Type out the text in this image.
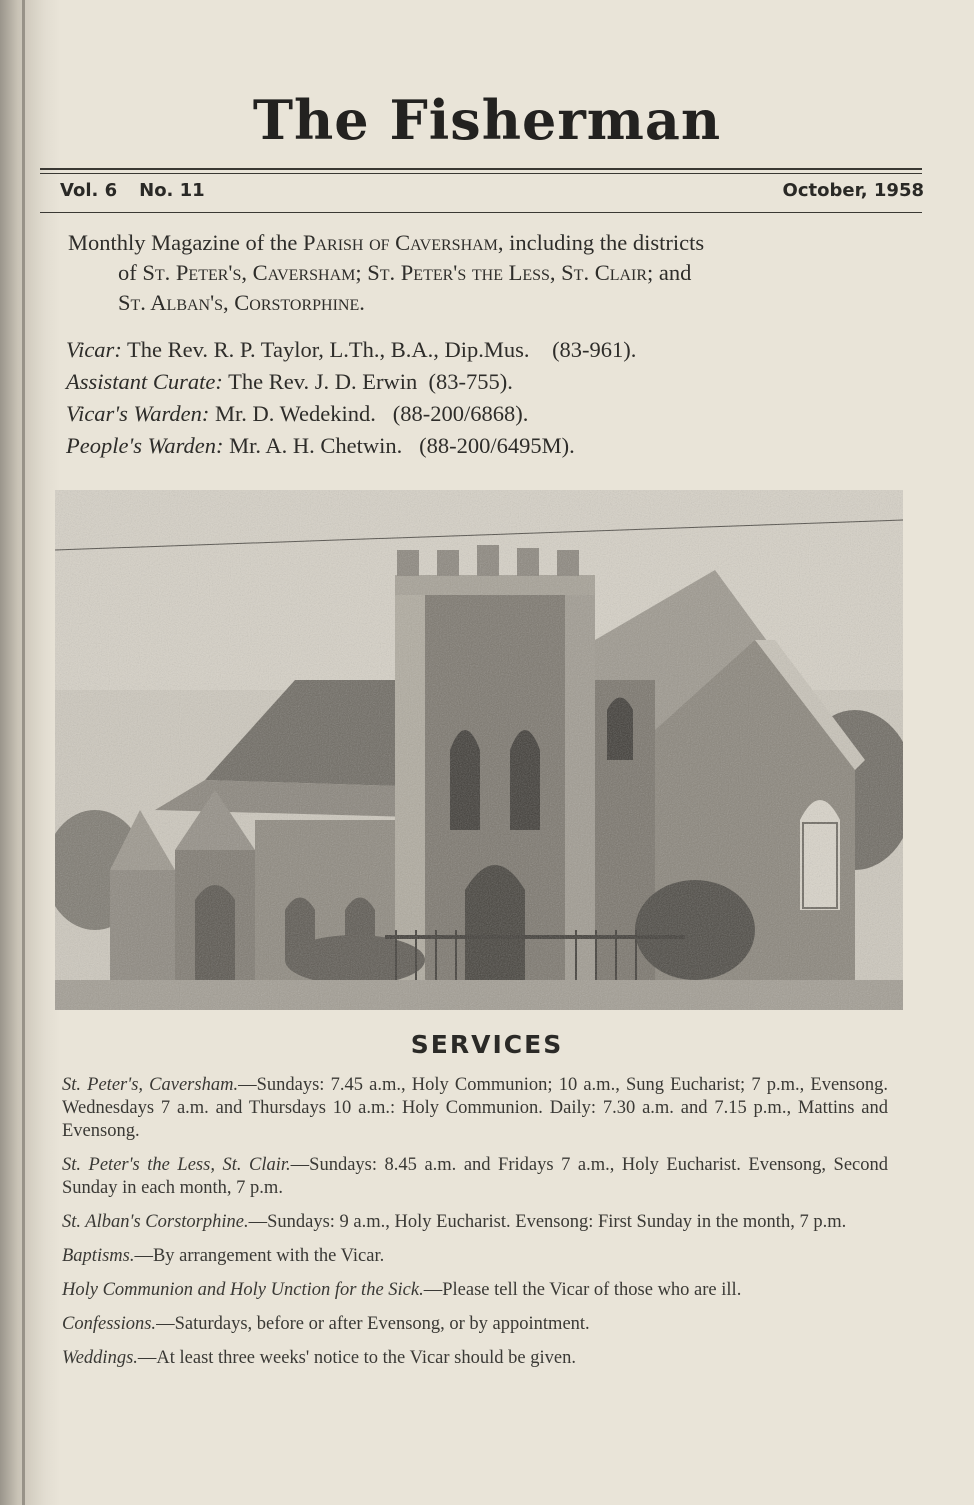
The Fisherman
Vol. 6 No. 11	October, 1958
Monthly Magazine of the Parish of Caversham, including the districts
of St. Peter's, Caversham; St. Peter's the Less, St. Clair; and
St. Alban's, Corstorphine.
Vicar: The Rev. R. P. Taylor, L.Th., B.A., Dip.Mus. (83-961).
Assistant Curate: The Rev. J. D. Erwin (83-755).
Vicar's Warden: Mr. D. Wedekind. (88-200/6868).
People's Warden: Mr. A. H. Chetwin. (88-200/6495M).
SERVICES

St. Peter's, Caversham.—Sundays: 7.45 a.m., Holy Communion; 10 a.m., Sung Eucharist; 7 p.m., Evensong. Wednesdays 7 a.m. and Thursdays 10 a.m.: Holy Communion. Daily: 7.30 a.m. and 7.15 p.m., Mattins and Evensong.

St. Peter's the Less, St. Clair.—Sundays: 8.45 a.m. and Fridays 7 a.m., Holy Eucharist. Evensong, Second Sunday in each month, 7 p.m.

St. Alban's Corstorphine.—Sundays: 9 a.m., Holy Eucharist. Evensong: First Sunday in the month, 7 p.m.

Baptisms.—By arrangement with the Vicar.

Holy Communion and Holy Unction for the Sick.—Please tell the Vicar of those who are ill.

Confessions.—Saturdays, before or after Evensong, or by appointment.

Weddings.—At least three weeks' notice to the Vicar should be given.
